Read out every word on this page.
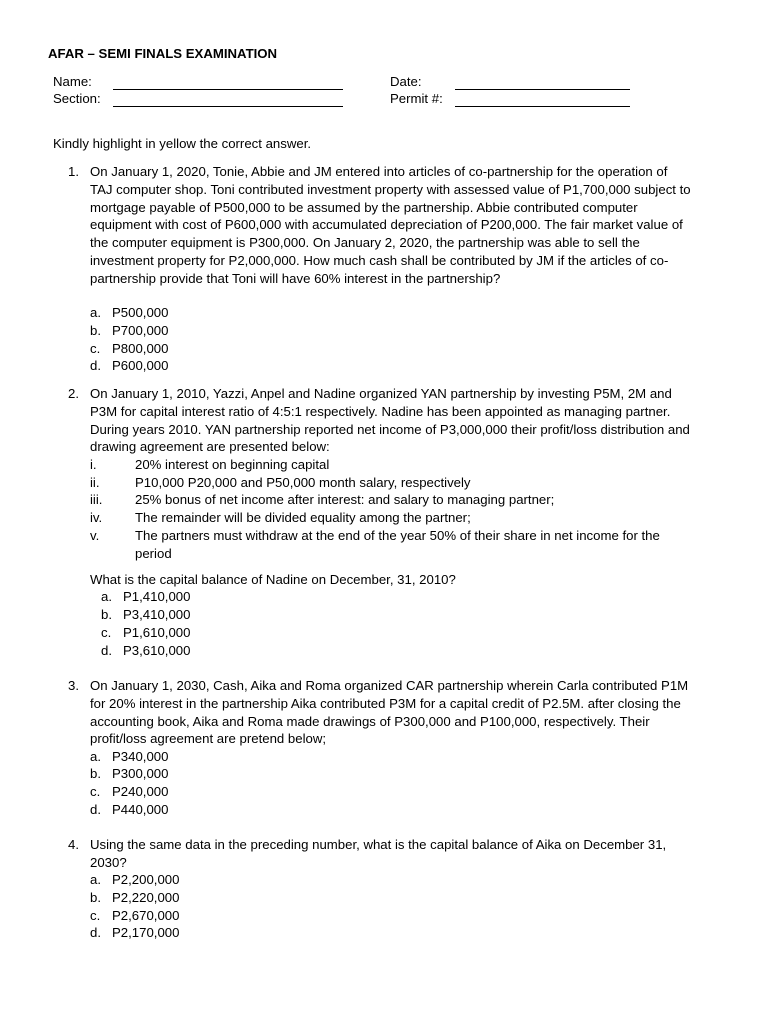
AFAR – SEMI FINALS EXAMINATION
Name:
Section:
Date:
Permit #:
Kindly highlight in yellow the correct answer.
1. On January 1, 2020, Tonie, Abbie and JM entered into articles of co-partnership for the operation of
TAJ computer shop. Toni contributed investment property with assessed value of P1,700,000 subject to
mortgage payable of P500,000 to be assumed by the partnership. Abbie contributed computer
equipment with cost of P600,000 with accumulated depreciation of P200,000. The fair market value of
the computer equipment is P300,000. On January 2, 2020, the partnership was able to sell the
investment property for P2,000,000. How much cash shall be contributed by JM if the articles of co-
partnership provide that Toni will have 60% interest in the partnership?
a. P500,000
b. P700,000
c. P800,000
d. P600,000
2. On January 1, 2010, Yazzi, Anpel and Nadine organized YAN partnership by investing P5M, 2M and
P3M for capital interest ratio of 4:5:1 respectively. Nadine has been appointed as managing partner.
During years 2010. YAN partnership reported net income of P3,000,000 their profit/loss distribution and
drawing agreement are presented below:
i.	20% interest on beginning capital
ii.	P10,000 P20,000 and P50,000 month salary, respectively
iii. 25% bonus of net income after interest: and salary to managing partner;
iv. The remainder will be divided equality among the partner;
v.	The partners must withdraw at the end of the year 50% of their share in net income for the
period
What is the capital balance of Nadine on December, 31, 2010?
a. P1,410,000
b. P3,410,000
c. P1,610,000
d. P3,610,000
3. On January 1, 2030, Cash, Aika and Roma organized CAR partnership wherein Carla contributed P1M
for 20% interest in the partnership Aika contributed P3M for a capital credit of P2.5M. after closing the
accounting book, Aika and Roma made drawings of P300,000 and P100,000, respectively. Their
profit/loss agreement are pretend below;
a. P340,000
b. P300,000
c. P240,000
d. P440,000
4. Using the same data in the preceding number, what is the capital balance of Aika on December 31,
2030?
a. P2,200,000
b. P2,220,000
c. P2,670,000
d. P2,170,000
